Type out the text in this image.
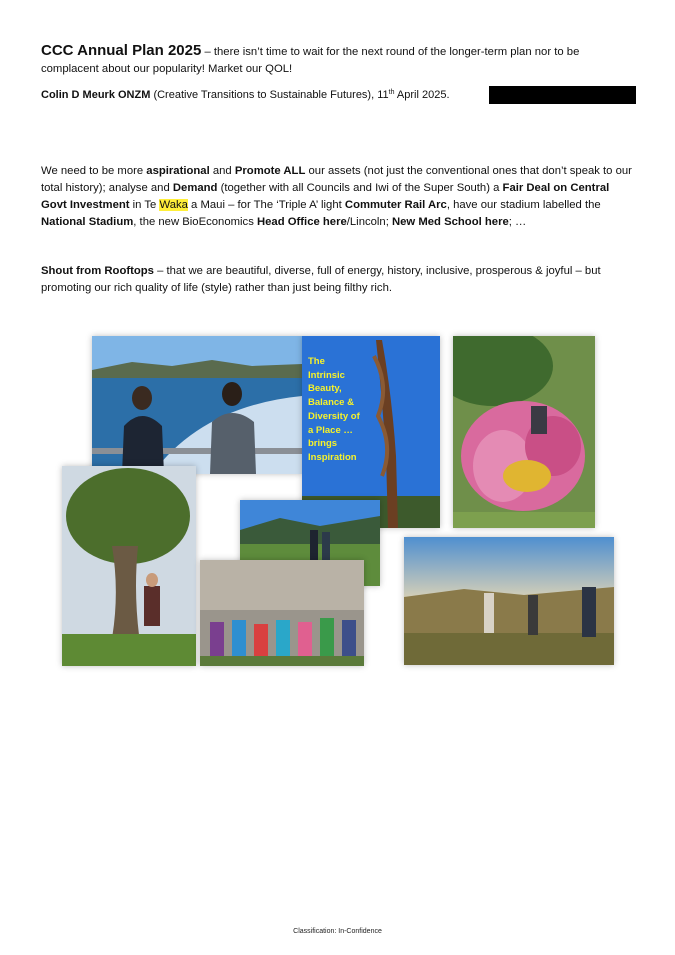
CCC Annual Plan 2025 – there isn’t time to wait for the next round of the longer-term plan nor to be complacent about our popularity! Market our QOL!
Colin D Meurk ONZM (Creative Transitions to Sustainable Futures), 11th April 2025.
We need to be more aspirational and Promote ALL our assets (not just the conventional ones that don’t speak to our total history); analyse and Demand (together with all Councils and Iwi of the Super South) a Fair Deal on Central Govt Investment in Te Waka a Maui – for The ‘Triple A’ light Commuter Rail Arc, have our stadium labelled the National Stadium, the new BioEconomics Head Office here/Lincoln; New Med School here; …
Shout from Rooftops – that we are beautiful, diverse, full of energy, history, inclusive, prosperous & joyful – but promoting our rich quality of life (style) rather than just being filthy rich.
The
Intrinsic
Beauty,
Balance &
Diversity of
a Place …
brings
Inspiration
Classification: In-Confidence
